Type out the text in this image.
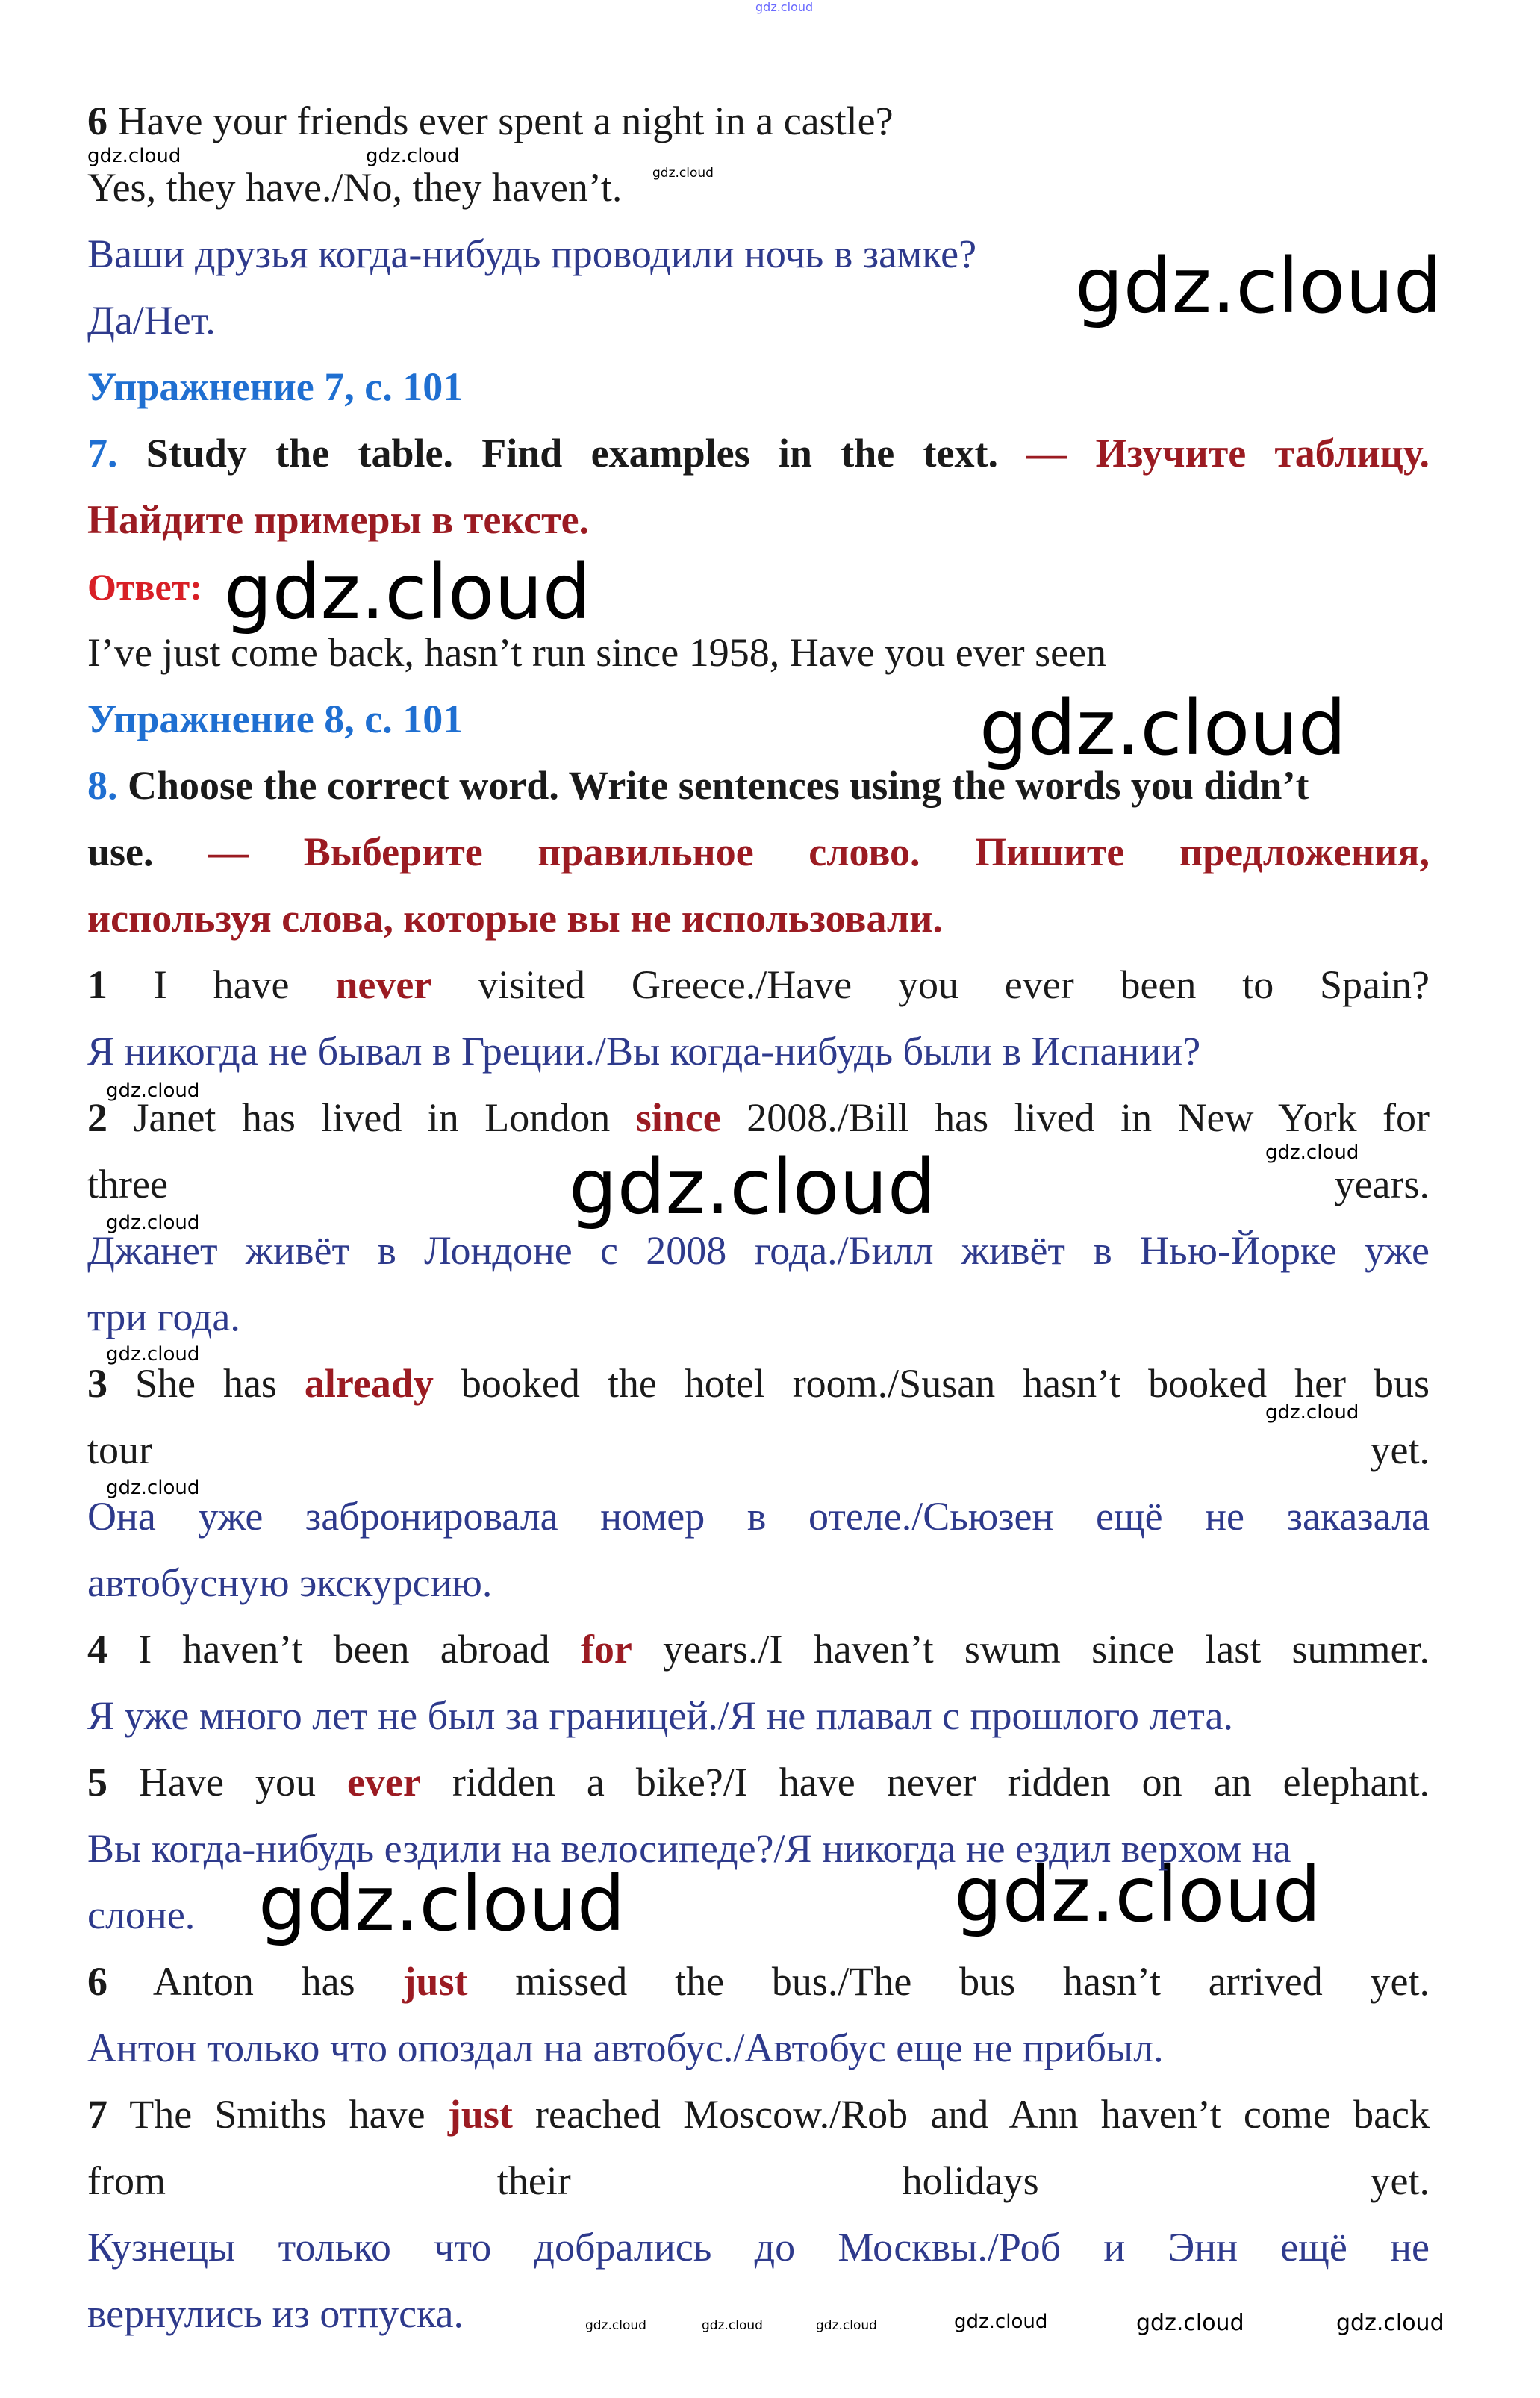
gdz.cloud
gdz.cloud	gdz.cloud
gdz.cloud
gdz.cloud
gdz.cloud
gdz.cloud
gdz.cloud
gdz.cloud
gdz.cloud
gdz.cloud
gdz.cloud
gdz.cloud
gdz.cloud
gdz.cloud	gdz.cloud
gdz.cloud	gdz.cloud	gdz.cloud	gdz.cloud	gdz.cloud	gdz.cloud
6 Have your friends ever spent a night in a castle?
Yes, they have./No, they haven’t.
Ваши друзья когда-нибудь проводили ночь в замке?
Да/Нет.
Упражнение 7, с. 101
7. Study the table. Find examples in the text. — Изучите таблицу.
Найдите примеры в тексте.
Ответ:
I’ve just come back, hasn’t run since 1958, Have you ever seen
Упражнение 8, с. 101
8. Choose the correct word. Write sentences using the words you didn’t
use. — Выберите правильное слово. Пишите предложения,
используя слова, которые вы не использовали.
1 I have never visited Greece./Have you ever been to Spain?
Я никогда не бывал в Греции./Вы когда-нибудь были в Испании?
2 Janet has lived in London since 2008./Bill has lived in New York for
three	years.
Джанет живёт в Лондоне с 2008 года./Билл живёт в Нью-Йорке уже
три года.
3 She has already booked the hotel room./Susan hasn’t booked her bus
tour	yet.
Она уже забронировала номер в отеле./Сьюзен ещё не заказала
автобусную экскурсию.
4 I haven’t been abroad for years./I haven’t swum since last summer.
Я уже много лет не был за границей./Я не плавал с прошлого лета.
5 Have you ever ridden a bike?/I have never ridden on an elephant.
Вы когда-нибудь ездили на велосипеде?/Я никогда не ездил верхом на
слоне.
6 Anton has just missed the bus./The bus hasn’t arrived yet.
Антон только что опоздал на автобус./Автобус еще не прибыл.
7 The Smiths have just reached Moscow./Rob and Ann haven’t come back
from	their	holidays	yet.
Кузнецы только что добрались до Москвы./Роб и Энн ещё не
вернулись из отпуска.
